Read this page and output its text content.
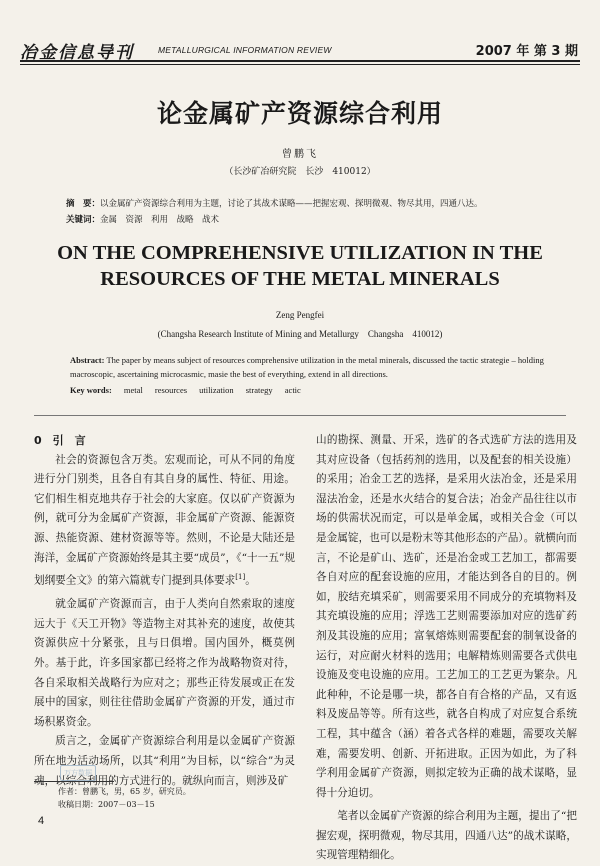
冶金信息导刊	METALLURGICAL INFORMATION REVIEW	2007 年 第 3 期
论金属矿产资源综合利用
曾鹏飞
（长沙矿冶研究院　长沙　410012）
摘　要：以金属矿产资源综合利用为主题，讨论了其战术谋略——把握宏观、探明微观、物尽其用，四通八达。
关键词：金属　资源　利用　战略　战术
ON THE COMPREHENSIVE UTILIZATION IN THE
RESOURCES OF THE METAL MINERALS
Zeng Pengfei
(Changsha Research Institute of Mining and Metallurgy　Changsha　410012)
Abstract: The paper by means subject of resources comprehensive utilization in the metal minerals, discussed the tactic strategie – holding macroscopic, ascertaining microcasmic, masie the best of everything, extend in all directions.
Key words: metal resources utilization strategy actic

0　引　言

社会的资源包含万类。宏观而论，可从不同的角度进行分门别类，且各自有其自身的属性、特征、用途。它们相生相克地共存于社会的大家庭。仅以矿产资源为例，就可分为金属矿产资源，非金属矿产资源、能源资源、热能资源、建材资源等等。然则，不论是大陆还是海洋，金属矿产资源始终是其主要“成员”，《“十一五”规划纲要全文》的第六篇就专门提到具体要求[1]。

就金属矿产资源而言，由于人类向自然索取的速度远大于《天工开物》等造物主对其补充的速度，故使其资源供应十分紧张，且与日俱增。国内国外，概莫例外。基于此，许多国家都已经将之作为战略物资对待，各自采取相关战略行为应对之；那些正待发展或正在发展中的国家，则往往借助金属矿产资源的开发，通过市场积累资金。

质言之，金属矿产资源综合利用是以金属矿产资源所在地为活动场所，以其“利用”为目标，以“综合”为灵魂，以综合利用的方式进行的。就纵向而言，则涉及矿

山的勘探、测量、开采，选矿的各式选矿方法的选用及其对应设备（包括药剂的选用，以及配套的相关设施）的采用；冶金工艺的选择，是采用火法冶金，还是采用湿法冶金，还是水火结合的复合法；冶金产品往往以市场的供需状况而定，可以是单金属，或相关合金（可以是金属锭，也可以是粉末等其他形态的产品）。就横向而言，不论是矿山、选矿，还是冶金或工艺加工，都需要各自对应的配套设施的应用，才能达到各自的目的。例如，胶结充填采矿，则需要采用不同成分的充填物料及其充填设施的应用；浮选工艺则需要添加对应的选矿药剂及其设施的应用；富氧熔炼则需要配套的制氧设备的运行，对应耐火材料的选用；电解精炼则需要各式供电设施及变电设施的应用。工艺加工的工艺更为繁杂。凡此种种，不论是哪一块，都各自有合格的产品，又有返料及废品等等。所有这些，就各自构成了对应复合系统工程，其中蕴含（涵）着各式各样的难题，需要攻关解难，需要发明、创新、开拓进取。正因为如此，为了科学利用金属矿产资源，则拟定较为正确的战术谋略，显得十分迫切。

笔者以金属矿产资源的综合利用为主题，提出了“把握宏观，探明微观，物尽其用，四通八达”的战术谋略，实现管理精细化。

万方数据
作者：曾鹏飞，男，65 岁，研究员。
收稿日期：2007－03－15
4
